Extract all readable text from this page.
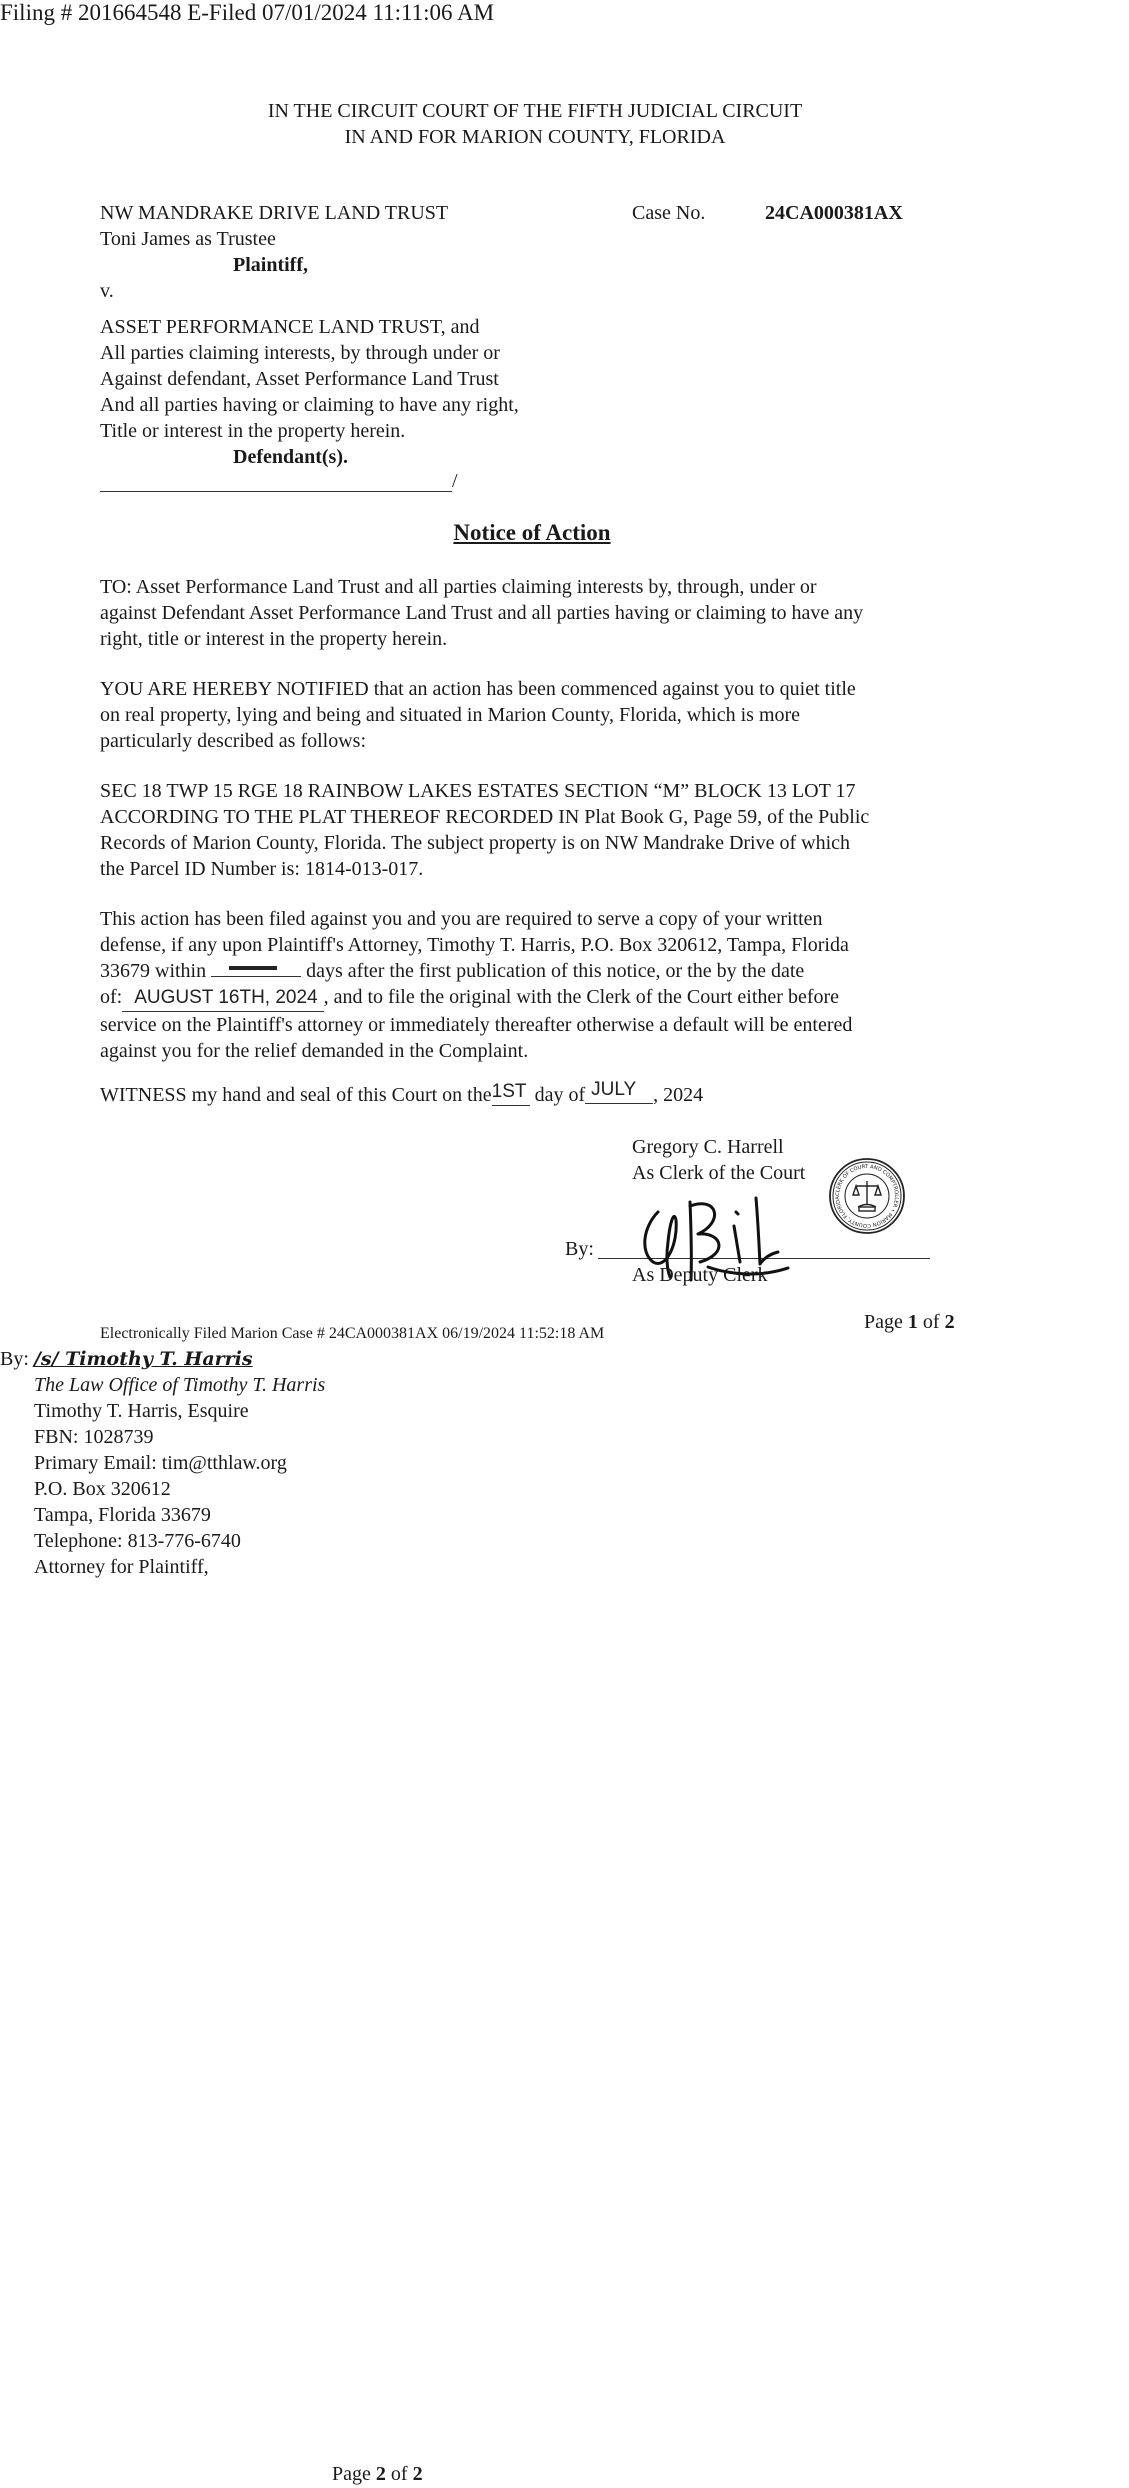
Filing # 201664548 E-Filed 07/01/2024 11:11:06 AM
IN THE CIRCUIT COURT OF THE FIFTH JUDICIAL CIRCUIT
IN AND FOR MARION COUNTY, FLORIDA
NW MANDRAKE DRIVE LAND TRUST	Case No.	24CA000381AX
Toni James as Trustee
Plaintiff,
v.
ASSET PERFORMANCE LAND TRUST, and
All parties claiming interests, by through under or
Against defendant, Asset Performance Land Trust
And all parties having or claiming to have any right,
Title or interest in the property herein.
Defendant(s).
/
Notice of Action
TO: Asset Performance Land Trust and all parties claiming interests by, through, under or
against Defendant Asset Performance Land Trust and all parties having or claiming to have any
right, title or interest in the property herein.
YOU ARE HEREBY NOTIFIED that an action has been commenced against you to quiet title
on real property, lying and being and situated in Marion County, Florida, which is more
particularly described as follows:
SEC 18 TWP 15 RGE 18 RAINBOW LAKES ESTATES SECTION “M” BLOCK 13 LOT 17
ACCORDING TO THE PLAT THEREOF RECORDED IN Plat Book G, Page 59, of the Public
Records of Marion County, Florida. The subject property is on NW Mandrake Drive of which
the Parcel ID Number is: 1814-013-017.
This action has been filed against you and you are required to serve a copy of your written
defense, if any upon Plaintiff's Attorney, Timothy T. Harris, P.O. Box 320612, Tampa, Florida
33679 within	days after the first publication of this notice, or the by the date
of: AUGUST 16TH, 2024 , and to file the original with the Clerk of the Court either before
service on the Plaintiff's attorney or immediately thereafter otherwise a default will be entered
against you for the relief demanded in the Complaint.
WITNESS my hand and seal of this Court on the1ST day of JULY , 2024
Gregory C. Harrell
As Clerk of the Court
By:
CLERK OF COURT AND COMPTROLLER • MARION COUNTY, FLORIDA
As Deputy Clerk
Electronically Filed Marion Case # 24CA000381AX 06/19/2024 11:52:18 AM
Page 1 of 2
By: /s/ Timothy T. Harris
The Law Office of Timothy T. Harris
Timothy T. Harris, Esquire
FBN: 1028739
Primary Email: tim@tthlaw.org
P.O. Box 320612
Tampa, Florida 33679
Telephone: 813-776-6740
Attorney for Plaintiff,
Page 2 of 2
